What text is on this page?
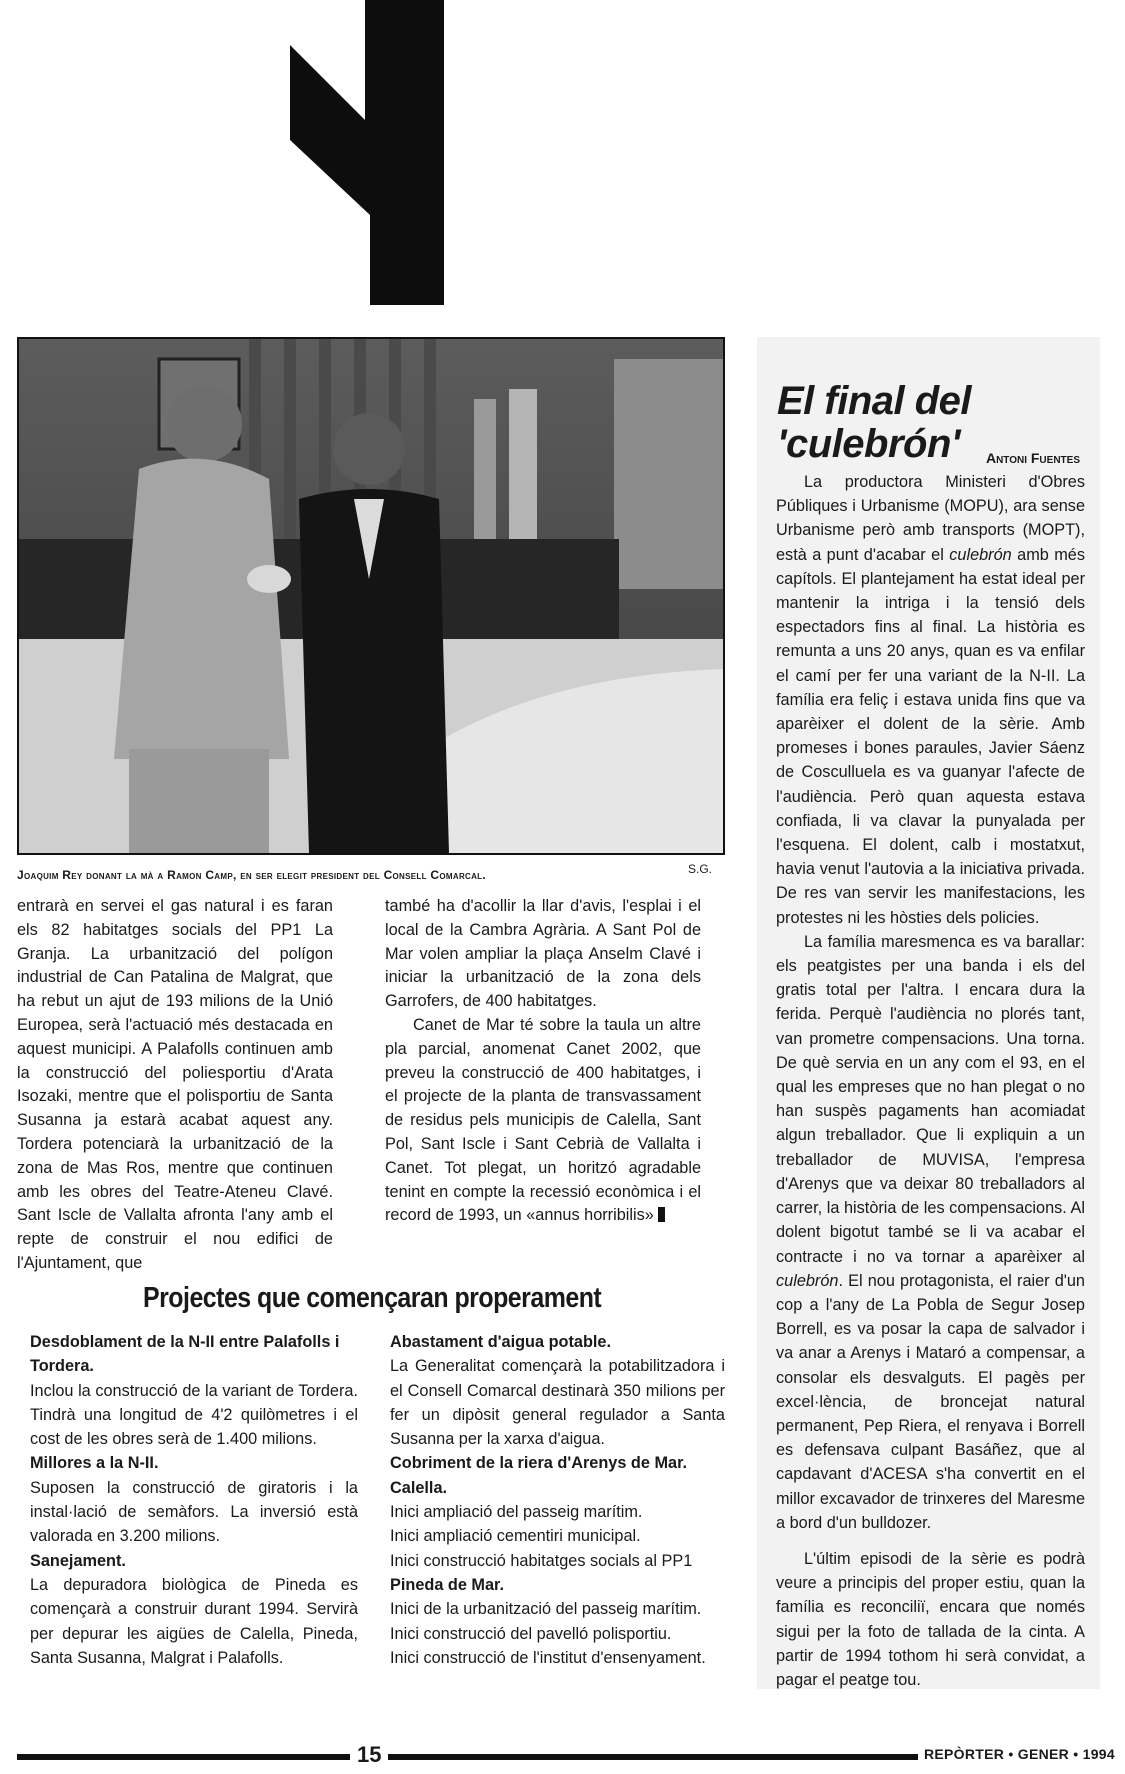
Joaquim Rey donant la mà a Ramon Camp, en ser elegit president del Consell Comarcal.	S.G.

entrarà en servei el gas natural i es faran els 82 habitatges socials del PP1 La Granja. La urbanització del polígon industrial de Can Patalina de Malgrat, que ha rebut un ajut de 193 milions de la Unió Europea, serà l'actuació més destacada en aquest municipi. A Palafolls continuen amb la construcció del poliesportiu d'Arata Isozaki, mentre que el polisportiu de Santa Susanna ja estarà acabat aquest any. Tordera potenciarà la urbanització de la zona de Mas Ros, mentre que continuen amb les obres del Teatre-Ateneu Clavé. Sant Iscle de Vallalta afronta l'any amb el repte de construir el nou edifici de l'Ajuntament, que

també ha d'acollir la llar d'avis, l'esplai i el local de la Cambra Agrària. A Sant Pol de Mar volen ampliar la plaça Anselm Clavé i iniciar la urbanització de la zona dels Garrofers, de 400 habitatges.

Canet de Mar té sobre la taula un altre pla parcial, anomenat Canet 2002, que preveu la construcció de 400 habitatges, i el projecte de la planta de transvassament de residus pels municipis de Calella, Sant Pol, Sant Iscle i Sant Cebrià de Vallalta i Canet. Tot plegat, un horitzó agradable tenint en compte la recessió econòmica i el record de 1993, un «annus horribilis»

Projectes que començaran properament
Desdoblament de la N-II entre Palafolls i Tordera.
Inclou la construcció de la variant de Tordera. Tindrà una longitud de 4'2 quilòmetres i el cost de les obres serà de 1.400 milions.
Millores a la N-II.
Suposen la construcció de giratoris i la instal·lació de semàfors. La inversió està valorada en 3.200 milions.
Sanejament.
La depuradora biològica de Pineda es començarà a construir durant 1994. Servirà per depurar les aigües de Calella, Pineda, Santa Susanna, Malgrat i Palafolls.
Abastament d'aigua potable.
La Generalitat començarà la potabilitzadora i el Consell Comarcal destinarà 350 milions per fer un dipòsit general regulador a Santa Susanna per la xarxa d'aigua.
Cobriment de la riera d'Arenys de Mar. Calella.
Inici ampliació del passeig marítim.
Inici ampliació cementiri municipal.
Inici construcció habitatges socials al PP1
Pineda de Mar.
Inici de la urbanització del passeig marítim.
Inici construcció del pavelló polisportiu.
Inici construcció de l'institut d'ensenyament.
El final del
'culebrón'	Antoni Fuentes

La productora Ministeri d'Obres Públiques i Urbanisme (MOPU), ara sense Urbanisme però amb transports (MOPT), està a punt d'acabar el culebrón amb més capítols. El plantejament ha estat ideal per mantenir la intriga i la tensió dels espectadors fins al final. La història es remunta a uns 20 anys, quan es va enfilar el camí per fer una variant de la N-II. La família era feliç i estava unida fins que va aparèixer el dolent de la sèrie. Amb promeses i bones paraules, Javier Sáenz de Cosculluela es va guanyar l'afecte de l'audiència. Però quan aquesta estava confiada, li va clavar la punyalada per l'esquena. El dolent, calb i mostatxut, havia venut l'autovia a la iniciativa privada. De res van servir les manifestacions, les protestes ni les hòsties dels policies.

La família maresmenca es va barallar: els peatgistes per una banda i els del gratis total per l'altra. I encara dura la ferida. Perquè l'audiència no plorés tant, van prometre compensacions. Una torna. De què servia en un any com el 93, en el qual les empreses que no han plegat o no han suspès pagaments han acomiadat algun treballador. Que li expliquin a un treballador de MUVISA, l'empresa d'Arenys que va deixar 80 treballadors al carrer, la història de les compensacions. Al dolent bigotut també se li va acabar el contracte i no va tornar a aparèixer al culebrón. El nou protagonista, el raier d'un cop a l'any de La Pobla de Segur Josep Borrell, es va posar la capa de salvador i va anar a Arenys i Mataró a compensar, a consolar els desvalguts. El pagès per excel·lència, de broncejat natural permanent, Pep Riera, el renyava i Borrell es defensava culpant Basáñez, que al capdavant d'ACESA s'ha convertit en el millor excavador de trinxeres del Maresme a bord d'un bulldozer.

L'últim episodi de la sèrie es podrà veure a principis del proper estiu, quan la família es reconciliï, encara que només sigui per la foto de tallada de la cinta. A partir de 1994 tothom hi serà convidat, a pagar el peatge tou.

15	REPÒRTER • GENER • 1994
